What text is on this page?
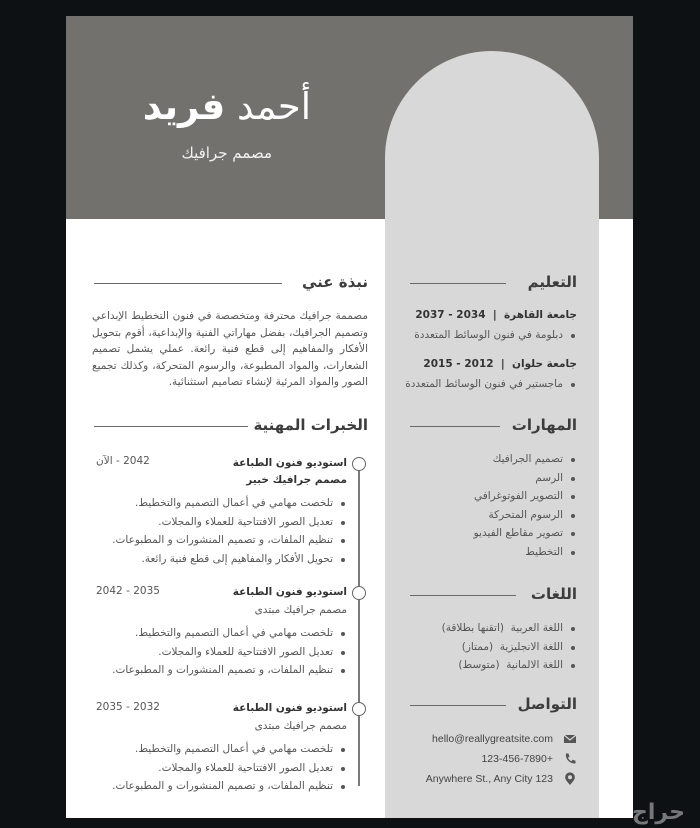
أحمد فريد
مصمم جرافيك
التعليم
جامعة القاهرة  |  2034 - 2037
دبلومة في فنون الوسائط المتعددة
جامعة حلوان  |  2012 - 2015
ماجستير في فنون الوسائط المتعددة
المهارات
تصميم الجرافيك
الرسم
التصوير الفوتوغرافي
الرسوم المتحركة
تصوير مقاطع الفيديو
التخطيط
اللغات
اللغة العربية  (اتقنها بطلاقة)
اللغة الانجليزية  (ممتاز)
اللغة الالمانية  (متوسط)
التواصل
hello@reallygreatsite.com
+123-456-7890
123 Anywhere St., Any City
نبذة عني
مصممة جرافيك محترفة ومتخصصة في فنون التخطيط الإبداعي وتصميم الجرافيك، بفضل مهاراتي الفنية والإبداعية، أقوم بتحويل الأفكار والمفاهيم إلى قطع فنية رائعة. عملي يشمل تصميم الشعارات، والمواد المطبوعة، والرسوم المتحركة، وكذلك تجميع الصور والمواد المرئية لإنشاء تصاميم استثنائية.
الخبرات المهنية
استوديو فنون الطباعة
2042 - الآن
مصمم جرافيك خبير
تلخصت مهامي في أعمال التصميم والتخطيط.
تعديل الصور الافتتاحية للعملاء والمجلات.
تنظيم الملفات، و تصميم المنشورات و المطبوعات.
تحويل الأفكار والمفاهيم إلى قطع فنية رائعة.
استوديو فنون الطباعة
2035 - 2042
مصمم جرافيك مبتدى
تلخصت مهامي في أعمال التصميم والتخطيط.
تعديل الصور الافتتاحية للعملاء والمجلات.
تنظيم الملفات، و تصميم المنشورات و المطبوعات.
استوديو فنون الطباعة
2032 - 2035
مصمم جرافيك مبتدى
تلخصت مهامي في أعمال التصميم والتخطيط.
تعديل الصور الافتتاحية للعملاء والمجلات.
تنظيم الملفات، و تصميم المنشورات و المطبوعات.
حراج
